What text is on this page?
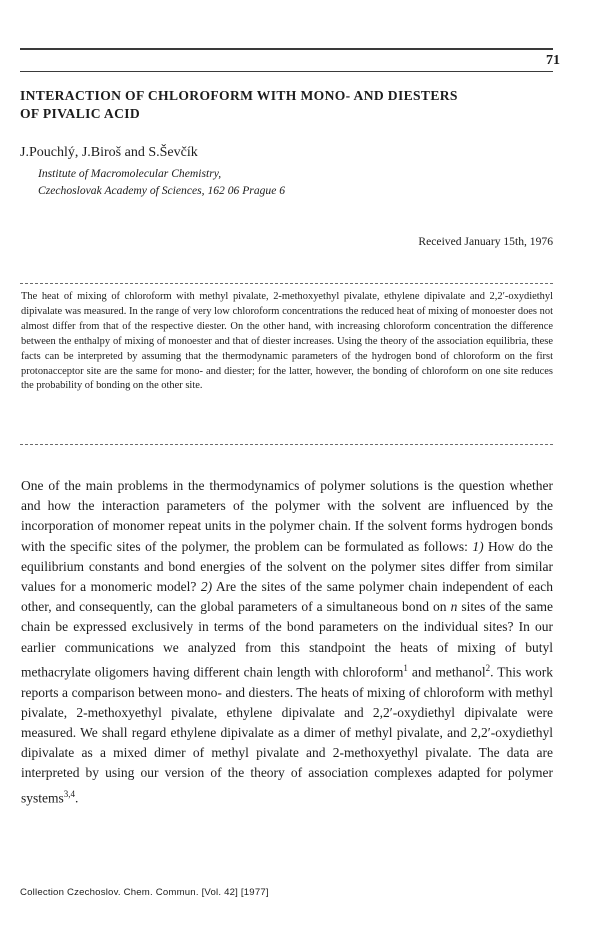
71
INTERACTION OF CHLOROFORM WITH MONO- AND DIESTERS
OF PIVALIC ACID
J.Pouchlý, J.Biroš and S.Ševčík
Institute of Macromolecular Chemistry,
Czechoslovak Academy of Sciences, 162 06 Prague 6
Received January 15th, 1976

The heat of mixing of chloroform with methyl pivalate, 2-methoxyethyl pivalate, ethylene dipivalate and 2,2′-oxydiethyl dipivalate was measured. In the range of very low chloroform concentrations the reduced heat of mixing of monoester does not almost differ from that of the respective diester. On the other hand, with increasing chloroform concentration the difference between the enthalpy of mixing of monoester and that of diester increases. Using the theory of the association equilibria, these facts can be interpreted by assuming that the thermodynamic parameters of the hydrogen bond of chloroform on the first protonacceptor site are the same for mono- and diester; for the latter, however, the bonding of chloroform on one site reduces the probability of bonding on the other site.

One of the main problems in the thermodynamics of polymer solutions is the question whether and how the interaction parameters of the polymer with the solvent are influenced by the incorporation of monomer repeat units in the polymer chain. If the solvent forms hydrogen bonds with the specific sites of the polymer, the problem can be formulated as follows: 1) How do the equilibrium constants and bond energies of the solvent on the polymer sites differ from similar values for a monomeric model? 2) Are the sites of the same polymer chain independent of each other, and consequently, can the global parameters of a simultaneous bond on n sites of the same chain be expressed exclusively in terms of the bond parameters on the individual sites? In our earlier communications we analyzed from this standpoint the heats of mixing of butyl methacrylate oligomers having different chain length with chloroform$^1$ and methanol$^2$. This work reports a comparison between mono- and diesters. The heats of mixing of chloroform with methyl pivalate, 2-methoxyethyl pivalate, ethylene dipivalate and 2,2′-oxydiethyl dipivalate were measured. We shall regard ethylene dipivalate as a dimer of methyl pivalate, and 2,2′-oxydiethyl dipivalate as a mixed dimer of methyl pivalate and 2-methoxyethyl pivalate. The data are interpreted by using our version of the theory of association complexes adapted for polymer systems$^{3,4}$.

Collection Czechoslov. Chem. Commun. [Vol. 42] [1977]
